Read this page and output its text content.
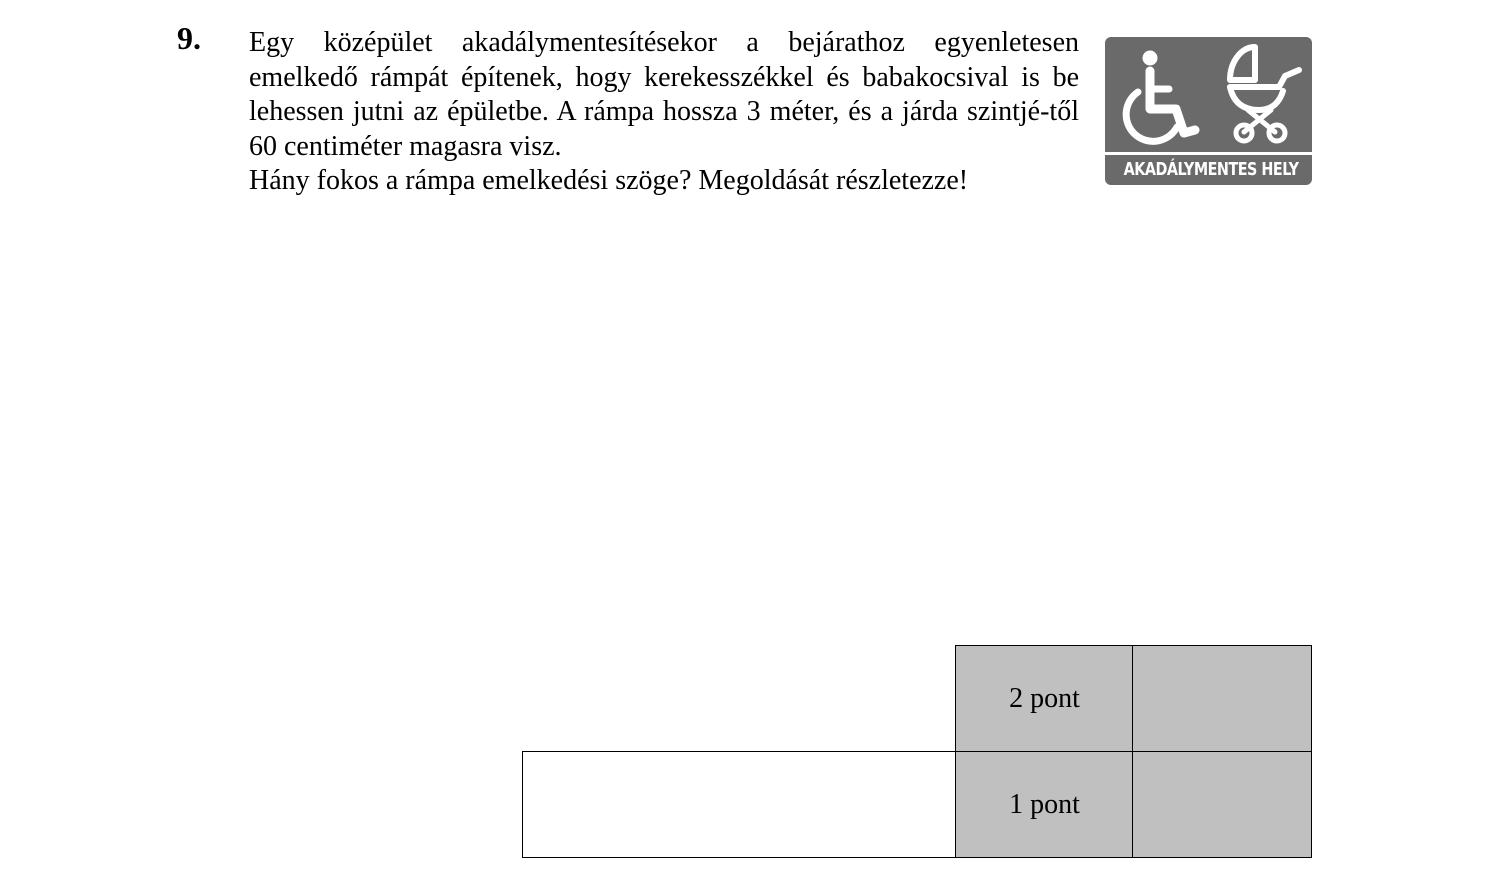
9. Egy középület akadálymentesítésekor a bejárathoz egyenletesen emelkedő rámpát építenek, hogy kerekesszékkel és babakocsival is be lehessen jutni az épületbe. A rámpa hossza 3 méter, és a járda szintjé-től 60 centiméter magasra visz.

Hány fokos a rámpa emelkedési szöge? Megoldását részletezze!	AKADÁLYMENTES HELY
2 pont
1 pont
